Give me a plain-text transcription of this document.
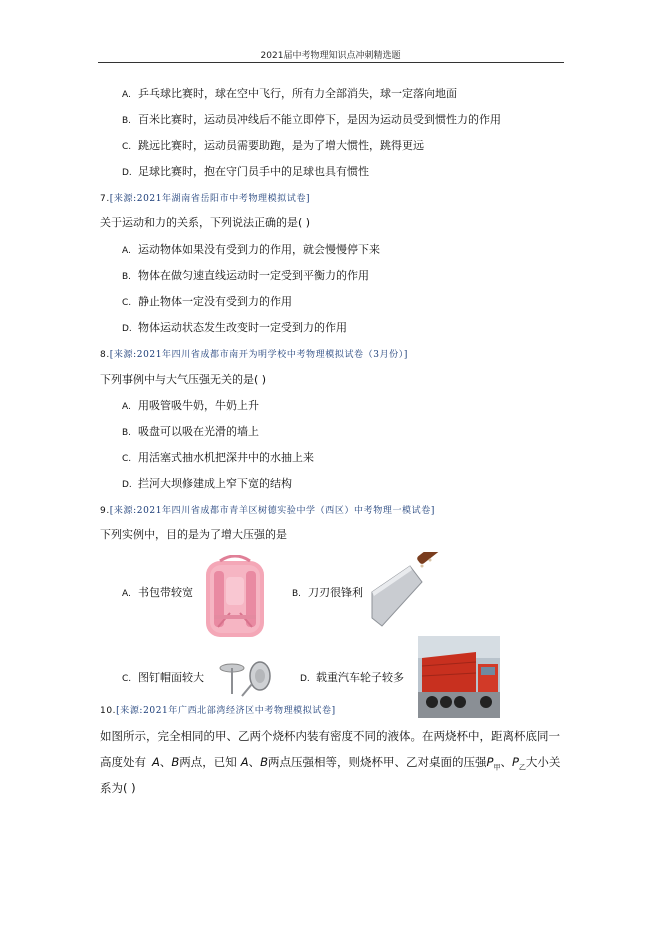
2021届中考物理知识点冲刺精选题
A. 乒乓球比赛时，球在空中飞行，所有力全部消失，球一定落向地面
B. 百米比赛时，运动员冲线后不能立即停下，是因为运动员受到惯性力的作用
C. 跳远比赛时，运动员需要助跑，是为了增大惯性，跳得更远
D. 足球比赛时，抱在守门员手中的足球也具有惯性
7.[来源:2021年湖南省岳阳市中考物理模拟试卷]
关于运动和力的关系，下列说法正确的是( )
A. 运动物体如果没有受到力的作用，就会慢慢停下来
B. 物体在做匀速直线运动时一定受到平衡力的作用
C. 静止物体一定没有受到力的作用
D. 物体运动状态发生改变时一定受到力的作用
8.[来源:2021年四川省成都市南开为明学校中考物理模拟试卷（3月份）]
下列事例中与大气压强无关的是( )
A. 用吸管吸牛奶，牛奶上升
B. 吸盘可以吸在光滑的墙上
C. 用活塞式抽水机把深井中的水抽上来
D. 拦河大坝修建成上窄下宽的结构
9.[来源:2021年四川省成都市青羊区树德实验中学（西区）中考物理一模试卷]
下列实例中，目的是为了增大压强的是
A. 书包带较宽	B. 刀刃很锋利
C. 图钉帽面较大	D. 载重汽车轮子较多
10.[来源:2021年广西北部湾经济区中考物理模拟试卷]
如图所示，完全相同的甲、乙两个烧杯内装有密度不同的液体。在两烧杯中，距离杯底同一
高度处有 A、B两点，已知 A、B两点压强相等，则烧杯甲、乙对桌面的压强$P_甲$、$P_乙$大小关
系为( )
